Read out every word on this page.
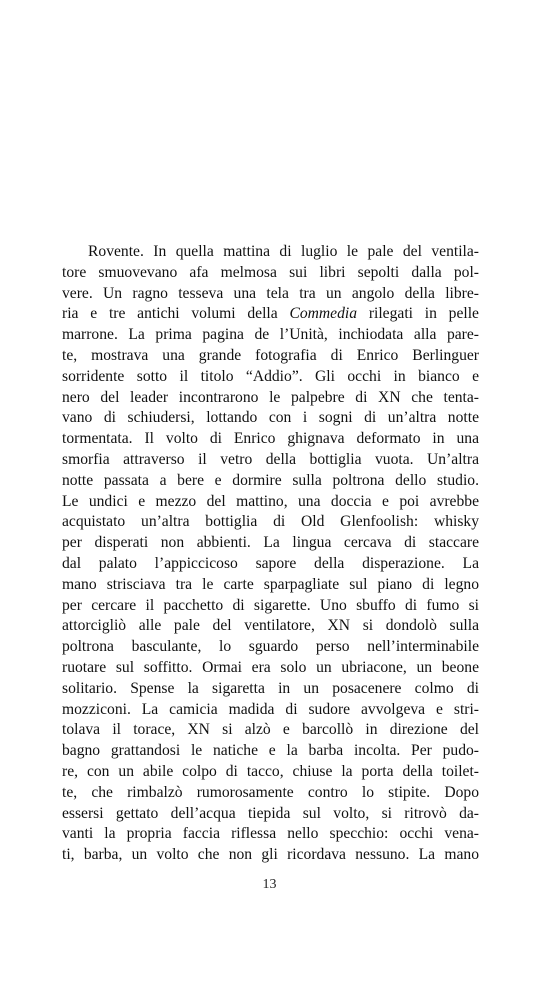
Rovente. In quella mattina di luglio le pale del ventila-
tore smuovevano afa melmosa sui libri sepolti dalla pol-
vere. Un ragno tesseva una tela tra un angolo della libre-
ria e tre antichi volumi della Commedia rilegati in pelle
marrone. La prima pagina de l’Unità, inchiodata alla pare-
te, mostrava una grande fotografia di Enrico Berlinguer
sorridente sotto il titolo “Addio”. Gli occhi in bianco e
nero del leader incontrarono le palpebre di XN che tenta-
vano di schiudersi, lottando con i sogni di un’altra notte
tormentata. Il volto di Enrico ghignava deformato in una
smorfia attraverso il vetro della bottiglia vuota. Un’altra
notte passata a bere e dormire sulla poltrona dello studio.
Le undici e mezzo del mattino, una doccia e poi avrebbe
acquistato un’altra bottiglia di Old Glenfoolish: whisky
per disperati non abbienti. La lingua cercava di staccare
dal palato l’appiccicoso sapore della disperazione. La
mano strisciava tra le carte sparpagliate sul piano di legno
per cercare il pacchetto di sigarette. Uno sbuffo di fumo si
attorcigliò alle pale del ventilatore, XN si dondolò sulla
poltrona basculante, lo sguardo perso nell’interminabile
ruotare sul soffitto. Ormai era solo un ubriacone, un beone
solitario. Spense la sigaretta in un posacenere colmo di
mozziconi. La camicia madida di sudore avvolgeva e stri-
tolava il torace, XN si alzò e barcollò in direzione del
bagno grattandosi le natiche e la barba incolta. Per pudo-
re, con un abile colpo di tacco, chiuse la porta della toilet-
te, che rimbalzò rumorosamente contro lo stipite. Dopo
essersi gettato dell’acqua tiepida sul volto, si ritrovò da-
vanti la propria faccia riflessa nello specchio: occhi vena-
ti, barba, un volto che non gli ricordava nessuno. La mano
13
